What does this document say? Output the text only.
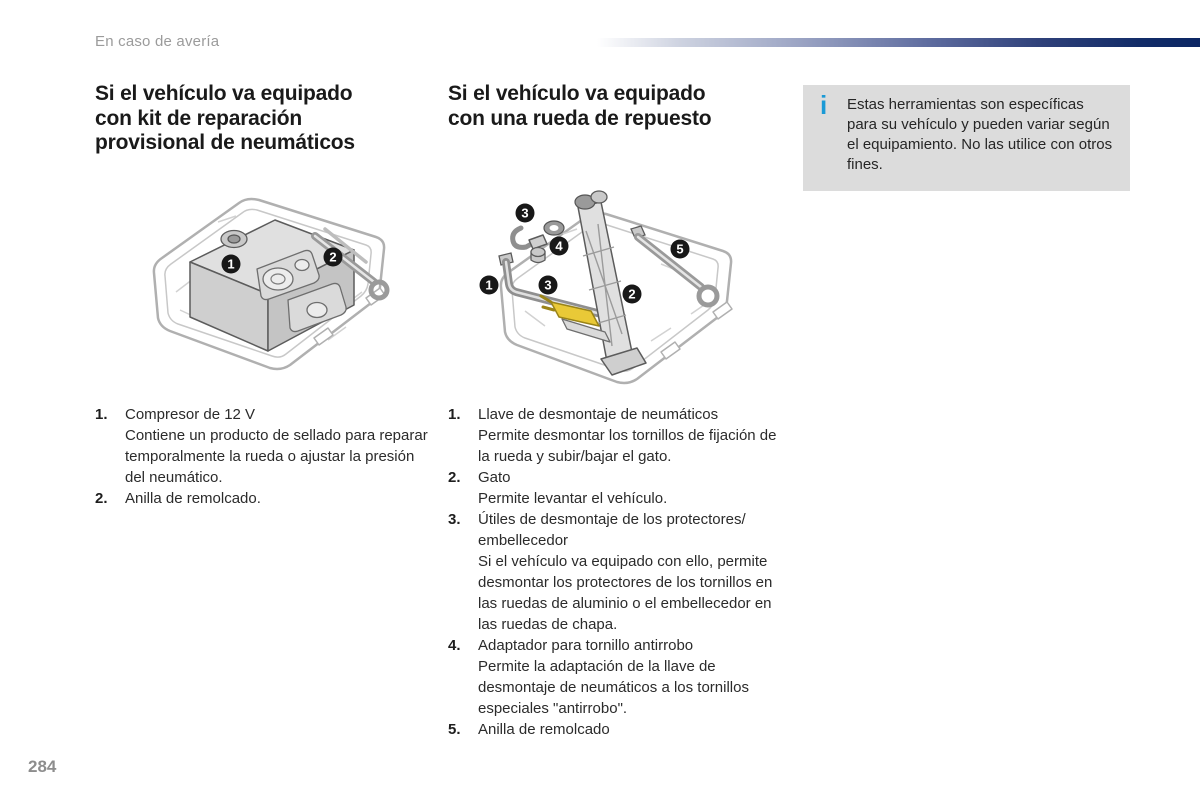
En caso de avería
Si el vehículo va equipado
con kit de reparación
provisional de neumáticos
Si el vehículo va equipado
con una rueda de repuesto
1	2
3
4
1	3
2
5
1.	Compresor de 12 V
Contiene un producto de sellado para reparar temporalmente la rueda o ajustar la presión del neumático.
2.	Anilla de remolcado.
1.	Llave de desmontaje de neumáticos
Permite desmontar los tornillos de fijación de la rueda y subir/bajar el gato.
2.	Gato
Permite levantar el vehículo.
3.	Útiles de desmontaje de los protectores/ embellecedor
Si el vehículo va equipado con ello, permite desmontar los protectores de los tornillos en las ruedas de aluminio o el embellecedor en las ruedas de chapa.
4.	Adaptador para tornillo antirrobo
Permite la adaptación de la llave de desmontaje de neumáticos a los tornillos especiales "antirrobo".
5.	Anilla de remolcado
i Estas herramientas son específicas para su vehículo y pueden variar según el equipamiento. No las utilice con otros fines.
284
